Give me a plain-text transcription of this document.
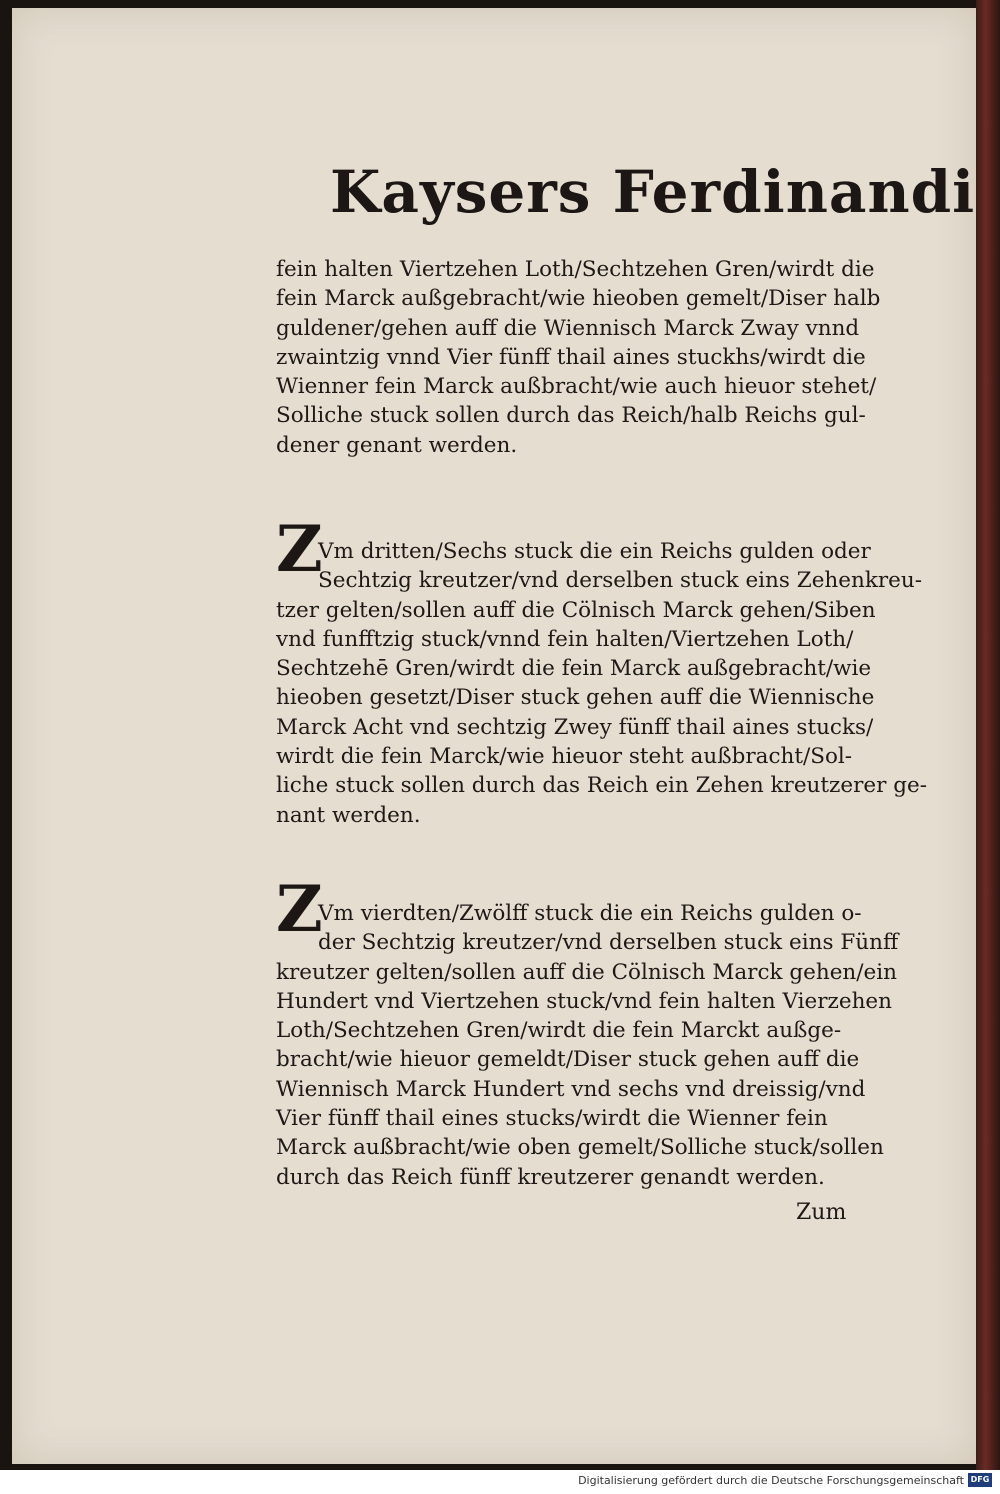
Kaysers Ferdinandi
fein halten Viertzehen Loth/Sechtzehen Gren/wirdt die
fein Marck außgebracht/wie hieoben gemelt/Diser halb
guldener/gehen auff die Wiennisch Marck Zway vnnd
zwaintzig vnnd Vier fünff thail aines stuckhs/wirdt die
Wienner fein Marck außbracht/wie auch hieuor stehet/
Solliche stuck sollen durch das Reich/halb Reichs gul-
dener genant werden.
Z
Vm dritten/Sechs stuck die ein Reichs gulden oder
Sechtzig kreutzer/vnd derselben stuck eins Zehenkreu-
tzer gelten/sollen auff die Cölnisch Marck gehen/Siben
vnd funfftzig stuck/vnnd fein halten/Viertzehen Loth/
Sechtzehē Gren/wirdt die fein Marck außgebracht/wie
hieoben gesetzt/Diser stuck gehen auff die Wiennische
Marck Acht vnd sechtzig Zwey fünff thail aines stucks/
wirdt die fein Marck/wie hieuor steht außbracht/Sol-
liche stuck sollen durch das Reich ein Zehen kreutzerer ge-
nant werden.
Z
Vm vierdten/Zwölff stuck die ein Reichs gulden o-
der Sechtzig kreutzer/vnd derselben stuck eins Fünff
kreutzer gelten/sollen auff die Cölnisch Marck gehen/ein
Hundert vnd Viertzehen stuck/vnd fein halten Vierzehen
Loth/Sechtzehen Gren/wirdt die fein Marckt außge-
bracht/wie hieuor gemeldt/Diser stuck gehen auff die
Wiennisch Marck Hundert vnd sechs vnd dreissig/vnd
Vier fünff thail eines stucks/wirdt die Wienner fein
Marck außbracht/wie oben gemelt/Solliche stuck/sollen
durch das Reich fünff kreutzerer genandt werden.
Zum
Digitalisierung gefördert durch die Deutsche Forschungsgemeinschaft DFG
